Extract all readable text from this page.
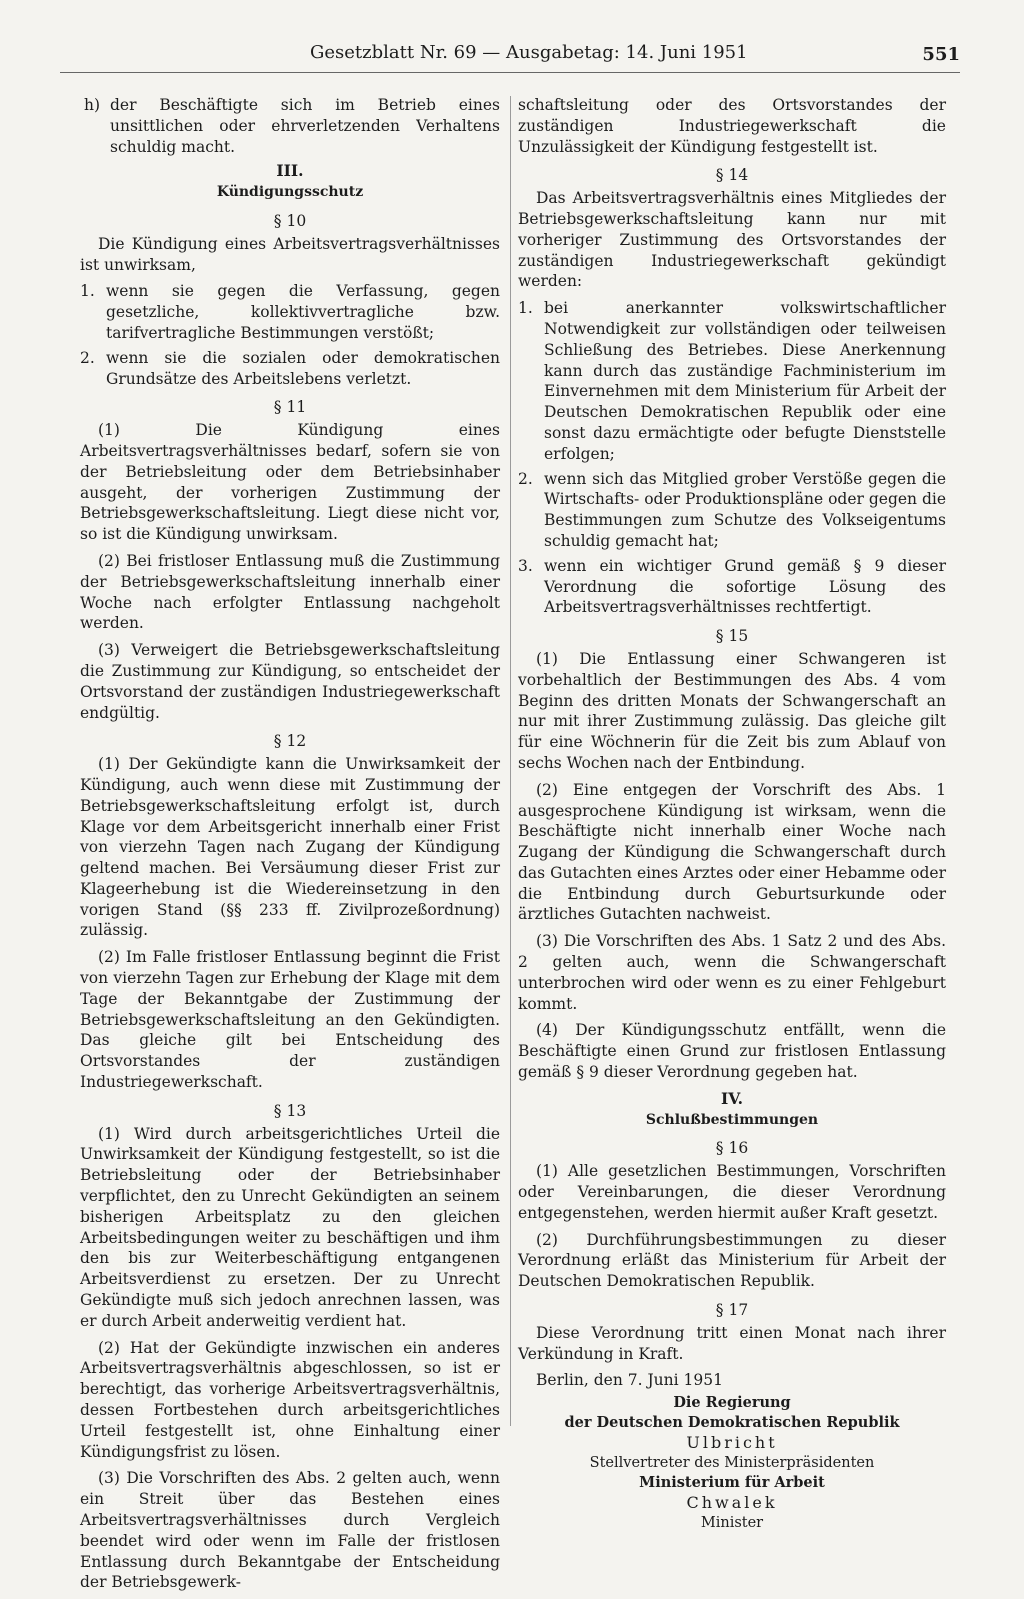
Gesetzblatt Nr. 69 — Ausgabetag: 14. Juni 1951	551
h) der Beschäftigte sich im Betrieb eines unsittlichen oder ehrverletzenden Verhaltens schuldig macht.

III.

Kündigungsschutz

§ 10

Die Kündigung eines Arbeitsvertragsverhältnisses ist unwirksam,

1. wenn sie gegen die Verfassung, gegen gesetzliche, kollektivvertragliche bzw. tarifvertragliche Bestimmungen verstößt;
2. wenn sie die sozialen oder demokratischen Grundsätze des Arbeitslebens verletzt.

§ 11

(1) Die Kündigung eines Arbeitsvertragsverhältnisses bedarf, sofern sie von der Betriebsleitung oder dem Betriebsinhaber ausgeht, der vorherigen Zustimmung der Betriebsgewerkschaftsleitung. Liegt diese nicht vor, so ist die Kündigung unwirksam.

(2) Bei fristloser Entlassung muß die Zustimmung der Betriebsgewerkschaftsleitung innerhalb einer Woche nach erfolgter Entlassung nachgeholt werden.

(3) Verweigert die Betriebsgewerkschaftsleitung die Zustimmung zur Kündigung, so entscheidet der Ortsvorstand der zuständigen Industriegewerkschaft endgültig.

§ 12

(1) Der Gekündigte kann die Unwirksamkeit der Kündigung, auch wenn diese mit Zustimmung der Betriebsgewerkschaftsleitung erfolgt ist, durch Klage vor dem Arbeitsgericht innerhalb einer Frist von vierzehn Tagen nach Zugang der Kündigung geltend machen. Bei Versäumung dieser Frist zur Klageerhebung ist die Wiedereinsetzung in den vorigen Stand (§§ 233 ff. Zivilprozeßordnung) zulässig.

(2) Im Falle fristloser Entlassung beginnt die Frist von vierzehn Tagen zur Erhebung der Klage mit dem Tage der Bekanntgabe der Zustimmung der Betriebsgewerkschaftsleitung an den Gekündigten. Das gleiche gilt bei Entscheidung des Ortsvorstandes der zuständigen Industriegewerkschaft.

§ 13

(1) Wird durch arbeitsgerichtliches Urteil die Unwirksamkeit der Kündigung festgestellt, so ist die Betriebsleitung oder der Betriebsinhaber verpflichtet, den zu Unrecht Gekündigten an seinem bisherigen Arbeitsplatz zu den gleichen Arbeitsbedingungen weiter zu beschäftigen und ihm den bis zur Weiterbeschäftigung entgangenen Arbeitsverdienst zu ersetzen. Der zu Unrecht Gekündigte muß sich jedoch anrechnen lassen, was er durch Arbeit anderweitig verdient hat.

(2) Hat der Gekündigte inzwischen ein anderes Arbeitsvertragsverhältnis abgeschlossen, so ist er berechtigt, das vorherige Arbeitsvertragsverhältnis, dessen Fortbestehen durch arbeitsgerichtliches Urteil festgestellt ist, ohne Einhaltung einer Kündigungsfrist zu lösen.

(3) Die Vorschriften des Abs. 2 gelten auch, wenn ein Streit über das Bestehen eines Arbeitsvertragsverhältnisses durch Vergleich beendet wird oder wenn im Falle der fristlosen Entlassung durch Bekanntgabe der Entscheidung der Betriebsgewerk-

schaftsleitung oder des Ortsvorstandes der zuständigen Industriegewerkschaft die Unzulässigkeit der Kündigung festgestellt ist.

§ 14

Das Arbeitsvertragsverhältnis eines Mitgliedes der Betriebsgewerkschaftsleitung kann nur mit vorheriger Zustimmung des Ortsvorstandes der zuständigen Industriegewerkschaft gekündigt werden:

1. bei anerkannter volkswirtschaftlicher Notwendigkeit zur vollständigen oder teilweisen Schließung des Betriebes. Diese Anerkennung kann durch das zuständige Fachministerium im Einvernehmen mit dem Ministerium für Arbeit der Deutschen Demokratischen Republik oder eine sonst dazu ermächtigte oder befugte Dienststelle erfolgen;
2. wenn sich das Mitglied grober Verstöße gegen die Wirtschafts- oder Produktionspläne oder gegen die Bestimmungen zum Schutze des Volkseigentums schuldig gemacht hat;
3. wenn ein wichtiger Grund gemäß § 9 dieser Verordnung die sofortige Lösung des Arbeitsvertragsverhältnisses rechtfertigt.

§ 15

(1) Die Entlassung einer Schwangeren ist vorbehaltlich der Bestimmungen des Abs. 4 vom Beginn des dritten Monats der Schwangerschaft an nur mit ihrer Zustimmung zulässig. Das gleiche gilt für eine Wöchnerin für die Zeit bis zum Ablauf von sechs Wochen nach der Entbindung.

(2) Eine entgegen der Vorschrift des Abs. 1 ausgesprochene Kündigung ist wirksam, wenn die Beschäftigte nicht innerhalb einer Woche nach Zugang der Kündigung die Schwangerschaft durch das Gutachten eines Arztes oder einer Hebamme oder die Entbindung durch Geburtsurkunde oder ärztliches Gutachten nachweist.

(3) Die Vorschriften des Abs. 1 Satz 2 und des Abs. 2 gelten auch, wenn die Schwangerschaft unterbrochen wird oder wenn es zu einer Fehlgeburt kommt.

(4) Der Kündigungsschutz entfällt, wenn die Beschäftigte einen Grund zur fristlosen Entlassung gemäß § 9 dieser Verordnung gegeben hat.

IV.

Schlußbestimmungen

§ 16

(1) Alle gesetzlichen Bestimmungen, Vorschriften oder Vereinbarungen, die dieser Verordnung entgegenstehen, werden hiermit außer Kraft gesetzt.

(2) Durchführungsbestimmungen zu dieser Verordnung erläßt das Ministerium für Arbeit der Deutschen Demokratischen Republik.

§ 17

Diese Verordnung tritt einen Monat nach ihrer Verkündung in Kraft.

Berlin, den 7. Juni 1951

Die Regierung

der Deutschen Demokratischen Republik

Ulbricht

Stellvertreter des Ministerpräsidenten

Ministerium für Arbeit

Chwalek

Minister
